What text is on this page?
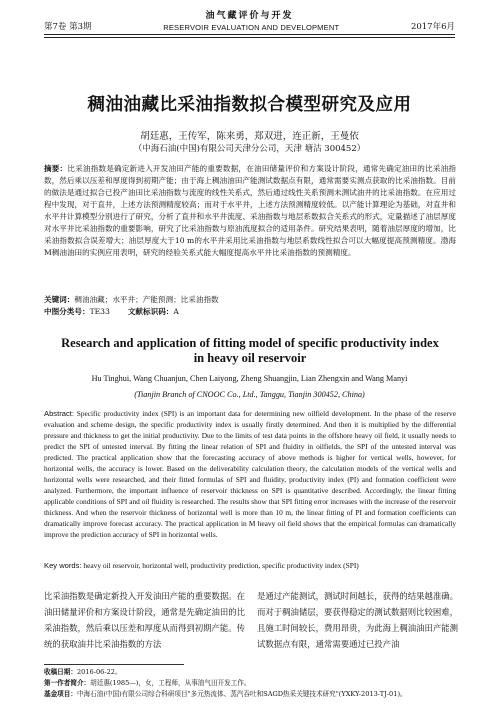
油气藏评价与开发
第7卷 第3期	RESERVOIR EVALUATION AND DEVELOPMENT	2017年6月
稠油油藏比采油指数拟合模型研究及应用
胡廷惠，王传军，陈来勇，郑双进，连正新，王曼依
（中海石油(中国)有限公司天津分公司，天津 塘沽 300452）
摘要：比采油指数是确定新进入开发油田产能的重要数据，在油田储量评价和方案设计阶段，通常先确定油田的比采油指数，然后乘以压差和厚度得到初期产能；由于海上稠油油田产能测试数据点有限，通常需要实测点获取的比采油指数。目前的做法是通过拟合已投产油田比采油指数与流度的线性关系式，然后通过线性关系预测未测试油井的比采油指数。在应用过程中发现，对于直井，上述方法预测精度较高；而对于水平井，上述方法预测精度较低。以产能计算理论为基础，对直井和水平井计算模型分别进行了研究，分析了直井和水平井流度、采油指数与地层系数拟合关系式的形式，定量描述了油层厚度对水平井比采油指数的重要影响，研究了比采油指数与原油流度拟合的适用条件。研究结果表明，随着油层厚度的增加，比采油指数拟合误差增大；油层厚度大于10 m的水平井采用比采油指数与地层系数线性拟合可以大幅度提高预测精度。渤海M稠油油田的实例应用表明，研究的经验关系式能大幅度提高水平井比采油指数的预测精度。
关键词：稠油油藏；水平井；产能预测；比采油指数
中图分类号：TE33 文献标识码：A
Research and application of fitting model of specific productivity index in heavy oil reservoir
Hu Tinghui, Wang Chuanjun, Chen Laiyong, Zheng Shuangjin, Lian Zhengxin and Wang Manyi
(Tianjin Branch of CNOOC Co., Ltd., Tanggu, Tianjin 300452, China)
Abstract: Specific productivity index (SPI) is an important data for determining new oilfield development. In the phase of the reserve evaluation and scheme design, the specific productivity index is usually firstly determined. And then it is multiplied by the differential pressure and thickness to get the initial productivity. Due to the limits of test data points in the offshore heavy oil field, it usually needs to predict the SPI of untested interval. By fitting the linear relation of SPI and fluidity in oilfields, the SPI of the untested interval was predicted. The practical application show that the forecasting accuracy of above methods is higher for vertical wells, however, for horizontal wells, the accuracy is lower. Based on the deliverability calculation theory, the calculation models of the vertical wells and horizontal wells were researched, and their fitted formulas of SPI and fluidity, productivity index (PI) and formation coefficient were analyzed. Furthermore, the important influence of reservoir thickness on SPI is quantitative described. Accordingly, the linear fitting applicable conditions of SPI and oil fluidity is researched. The results show that SPI fitting error increases with the increase of the reservoir thickness. And when the reservoir thickness of horizontal well is more than 10 m, the linear fitting of PI and formation coefficients can dramatically improve forecast accuracy. The practical application in M heavy oil field shows that the empirical formulas can dramatically improve the prediction accuracy of SPI in horizontal wells.
Key words: heavy oil reservoir, horizontal well, productivity prediction, specific productivity index (SPI)
比采油指数是确定新投入开发油田产能的重要数据。在油田储量评价和方案设计阶段，通常是先确定油田的比采油指数，然后乘以压差和厚度从而得到初期产能。传统的获取油井比采油指数的方法
是通过产能测试，测试时间越长，获得的结果越准确。而对于稠油储层，要获得稳定的测试数据则比较困难，且施工时间较长，费用昂贵，为此海上稠油油田产能测试数据点有限，通常需要通过已投产油
收稿日期：2016-06-22。
第一作者简介：胡廷惠(1985—)，女，工程师，从事油气田开发工作。
基金项目：中海石油(中国)有限公司综合科研项目"多元热流体、蒸汽吞吐和SAGD热采关键技术研究"(YXKY-2013-TJ-01)。
